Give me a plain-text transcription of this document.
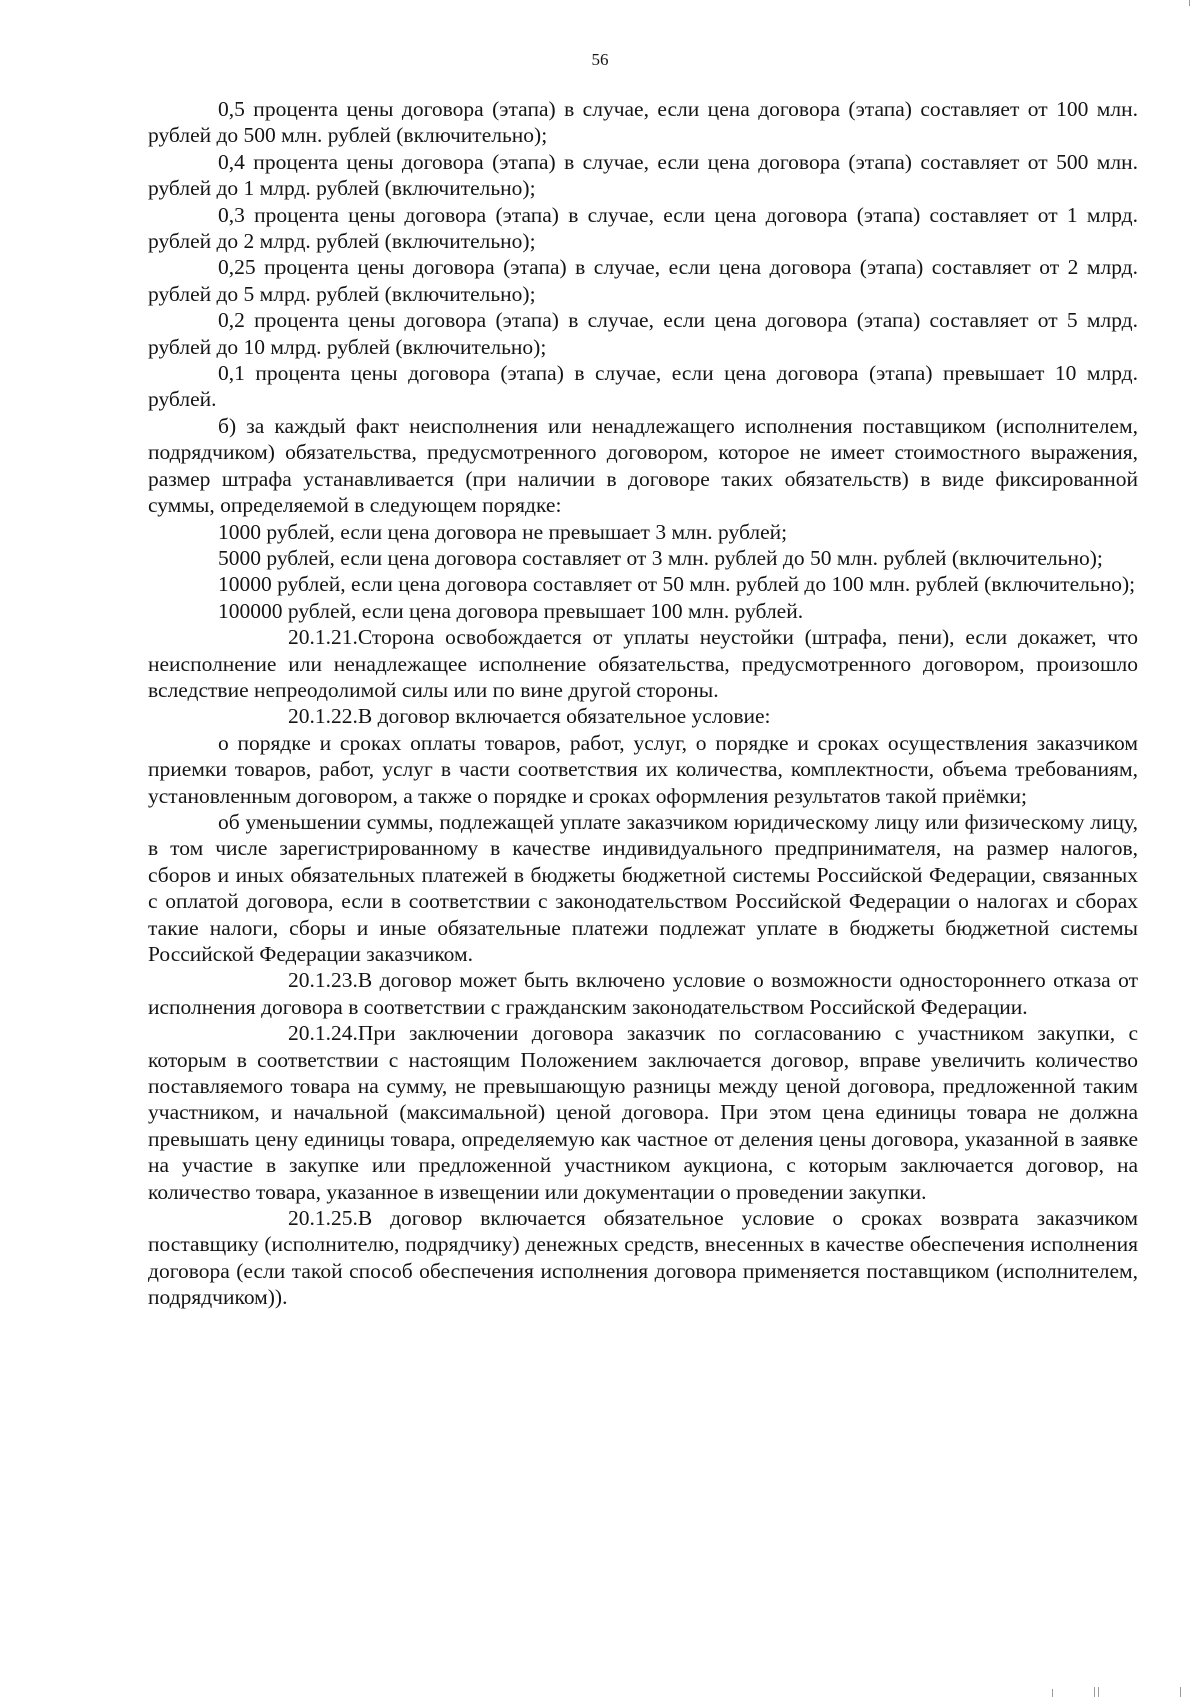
56

0,5 процента цены договора (этапа) в случае, если цена договора (этапа) составляет от 100 млн. рублей до 500 млн. рублей (включительно);

0,4 процента цены договора (этапа) в случае, если цена договора (этапа) составляет от 500 млн. рублей до 1 млрд. рублей (включительно);

0,3 процента цены договора (этапа) в случае, если цена договора (этапа) составляет от 1 млрд. рублей до 2 млрд. рублей (включительно);

0,25 процента цены договора (этапа) в случае, если цена договора (этапа) составляет от 2 млрд. рублей до 5 млрд. рублей (включительно);

0,2 процента цены договора (этапа) в случае, если цена договора (этапа) составляет от 5 млрд. рублей до 10 млрд. рублей (включительно);

0,1 процента цены договора (этапа) в случае, если цена договора (этапа) превышает 10 млрд. рублей.

б) за каждый факт неисполнения или ненадлежащего исполнения поставщиком (исполнителем, подрядчиком) обязательства, предусмотренного договором, которое не имеет стоимостного выражения, размер штрафа устанавливается (при наличии в договоре таких обязательств) в виде фиксированной суммы, определяемой в следующем порядке:

1000 рублей, если цена договора не превышает 3 млн. рублей;

5000 рублей, если цена договора составляет от 3 млн. рублей до 50 млн. рублей (включительно);

10000 рублей, если цена договора составляет от 50 млн. рублей до 100 млн. рублей (включительно);

100000 рублей, если цена договора превышает 100 млн. рублей.

20.1.21.Сторона освобождается от уплаты неустойки (штрафа, пени), если докажет, что неисполнение или ненадлежащее исполнение обязательства, предусмотренного договором, произошло вследствие непреодолимой силы или по вине другой стороны.

20.1.22.В договор включается обязательное условие:

о порядке и сроках оплаты товаров, работ, услуг, о порядке и сроках осуществления заказчиком приемки товаров, работ, услуг в части соответствия их количества, комплектности, объема требованиям, установленным договором, а также о порядке и сроках оформления результатов такой приёмки;

об уменьшении суммы, подлежащей уплате заказчиком юридическому лицу или физическому лицу, в том числе зарегистрированному в качестве индивидуального предпринимателя, на размер налогов, сборов и иных обязательных платежей в бюджеты бюджетной системы Российской Федерации, связанных с оплатой договора, если в соответствии с законодательством Российской Федерации о налогах и сборах такие налоги, сборы и иные обязательные платежи подлежат уплате в бюджеты бюджетной системы Российской Федерации заказчиком.

20.1.23.В договор может быть включено условие о возможности одностороннего отказа от исполнения договора в соответствии с гражданским законодательством Российской Федерации.

20.1.24.При заключении договора заказчик по согласованию с участником закупки, с которым в соответствии с настоящим Положением заключается договор, вправе увеличить количество поставляемого товара на сумму, не превышающую разницы между ценой договора, предложенной таким участником, и начальной (максимальной) ценой договора. При этом цена единицы товара не должна превышать цену единицы товара, определяемую как частное от деления цены договора, указанной в заявке на участие в закупке или предложенной участником аукциона, с которым заключается договор, на количество товара, указанное в извещении или документации о проведении закупки.

20.1.25.В договор включается обязательное условие о сроках возврата заказчиком поставщику (исполнителю, подрядчику) денежных средств, внесенных в качестве обеспечения исполнения договора (если такой способ обеспечения исполнения договора применяется поставщиком (исполнителем, подрядчиком)).
